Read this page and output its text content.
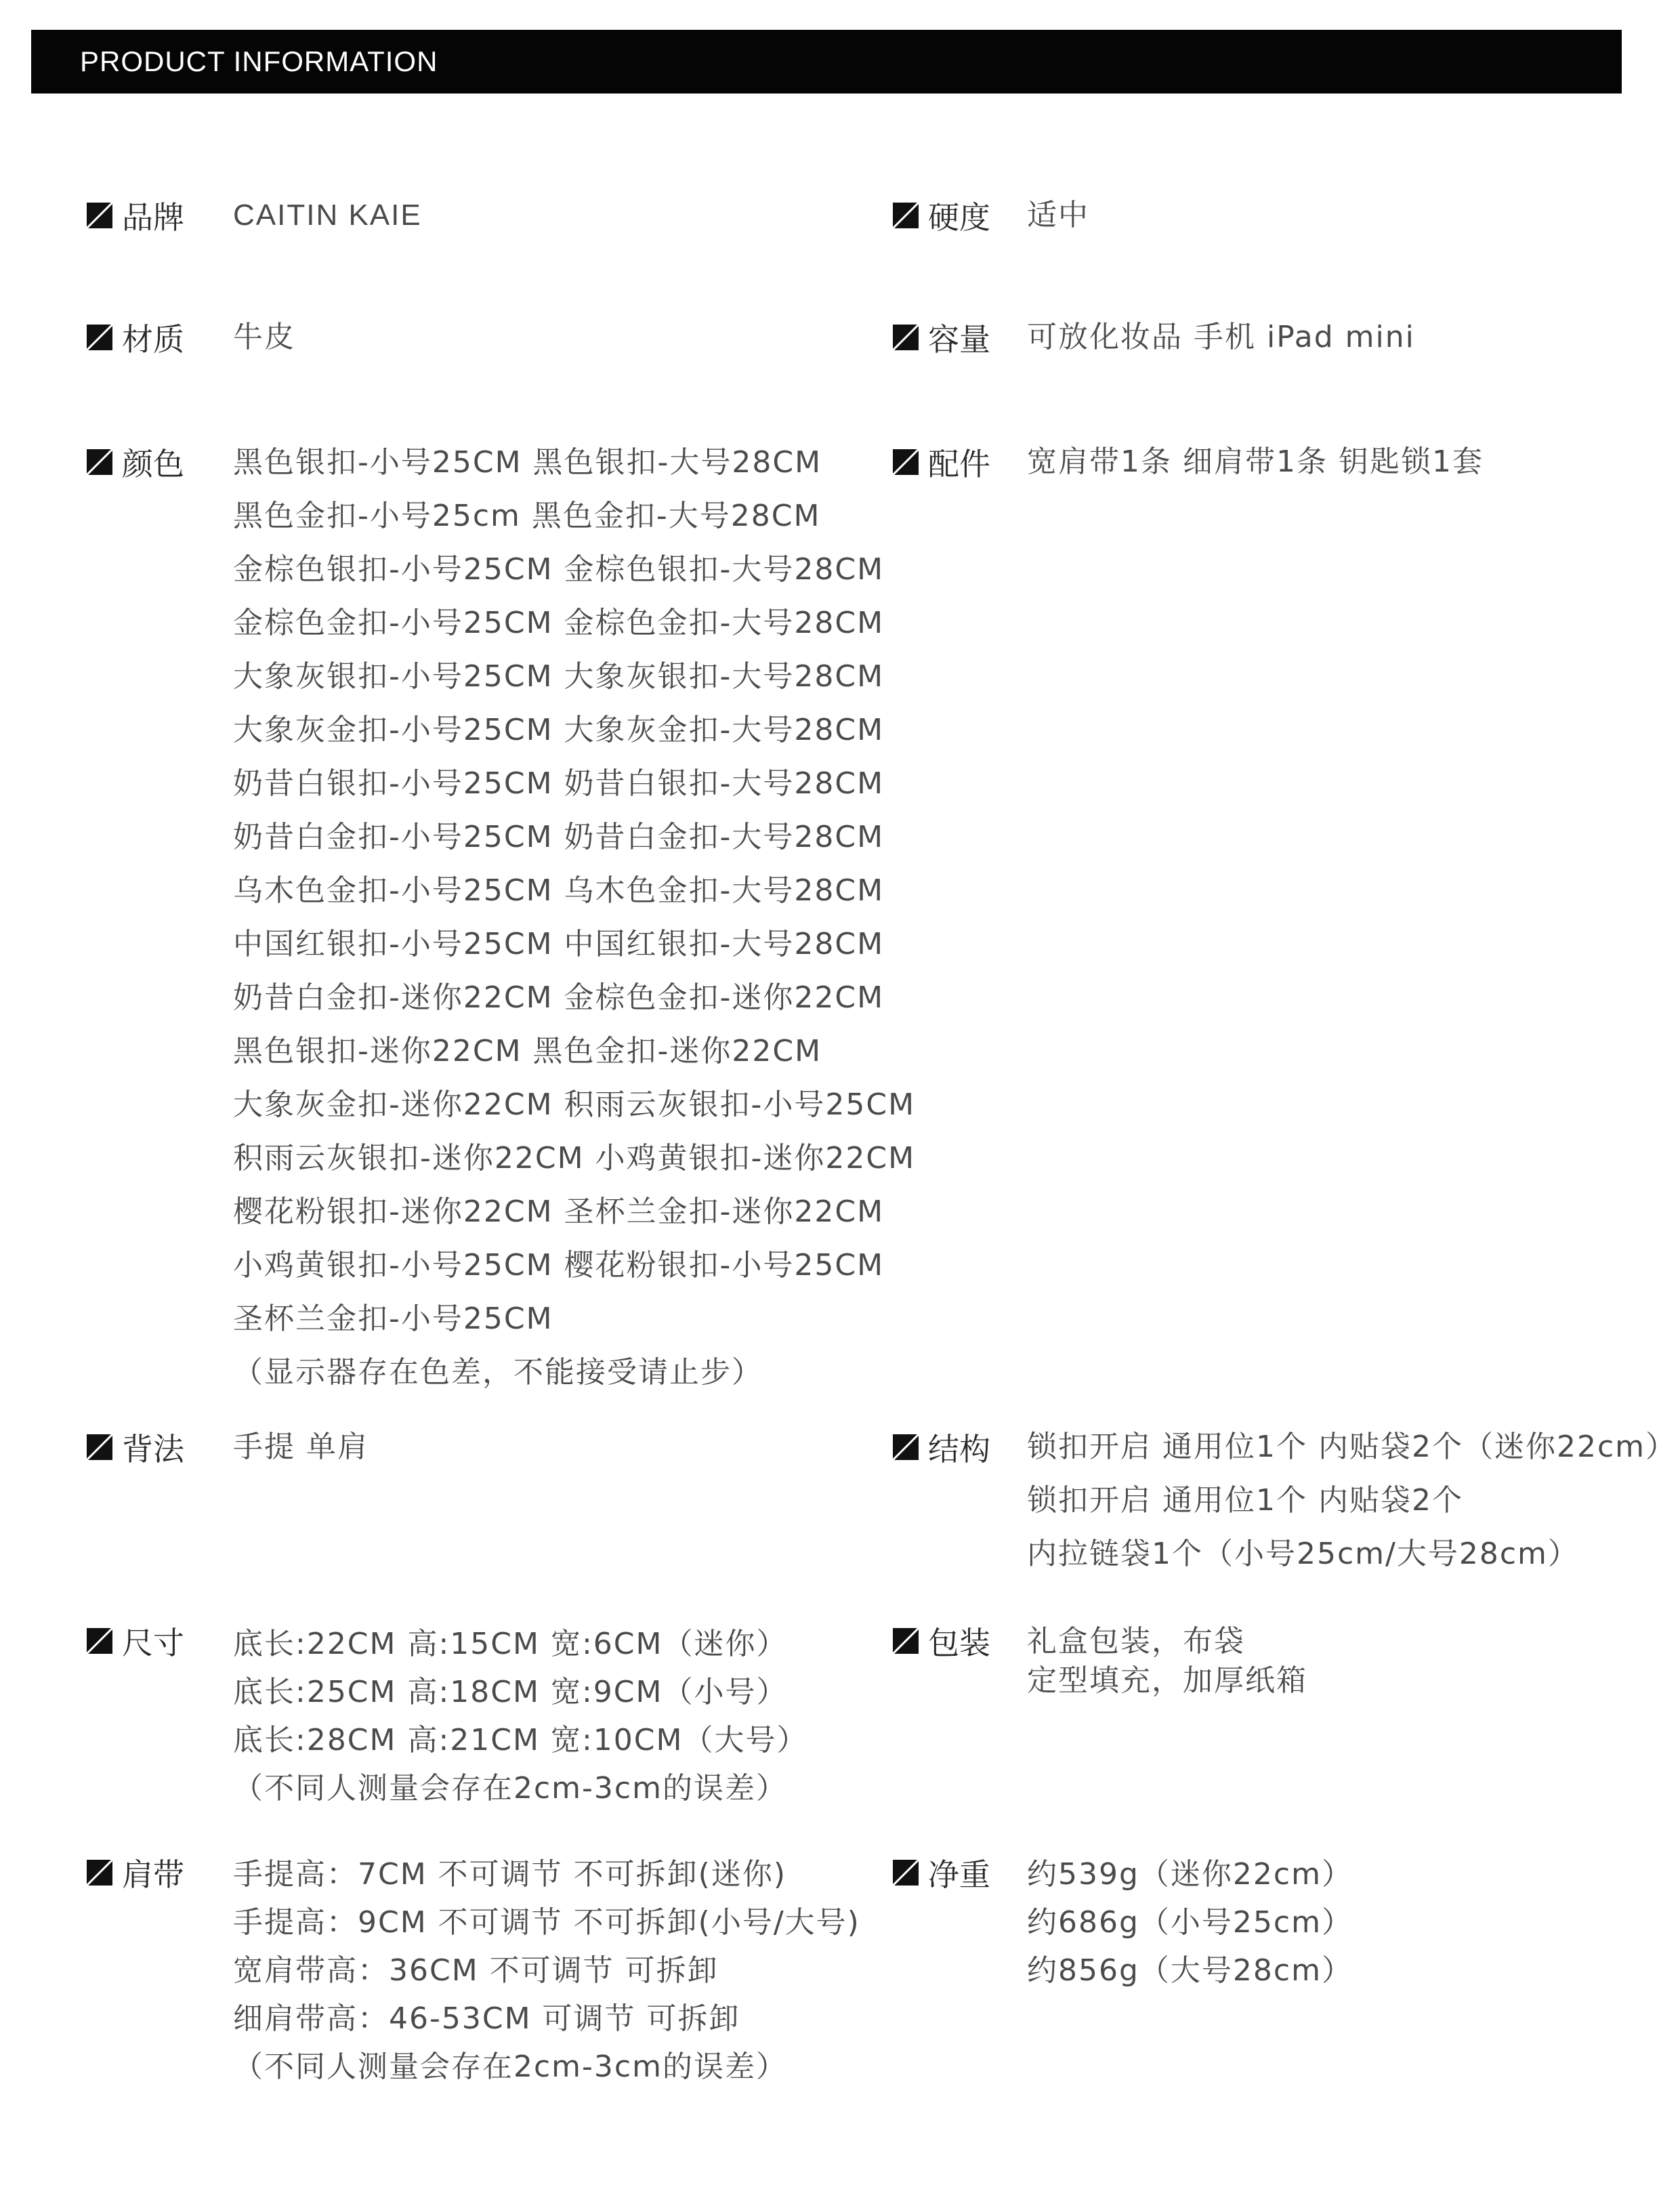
PRODUCT INFORMATION
品牌 CAITIN KAIE	硬度 适中
材质 牛皮	容量 可放化妆品 手机 iPad mini
颜色 黑色银扣-小号25CM 黑色银扣-大号28CM
黑色金扣-小号25cm 黑色金扣-大号28CM
金棕色银扣-小号25CM 金棕色银扣-大号28CM
金棕色金扣-小号25CM 金棕色金扣-大号28CM
大象灰银扣-小号25CM 大象灰银扣-大号28CM
大象灰金扣-小号25CM 大象灰金扣-大号28CM
奶昔白银扣-小号25CM 奶昔白银扣-大号28CM
奶昔白金扣-小号25CM 奶昔白金扣-大号28CM
乌木色金扣-小号25CM 乌木色金扣-大号28CM
中国红银扣-小号25CM 中国红银扣-大号28CM
奶昔白金扣-迷你22CM 金棕色金扣-迷你22CM
黑色银扣-迷你22CM 黑色金扣-迷你22CM
大象灰金扣-迷你22CM 积雨云灰银扣-小号25CM
积雨云灰银扣-迷你22CM 小鸡黄银扣-迷你22CM
樱花粉银扣-迷你22CM 圣杯兰金扣-迷你22CM
小鸡黄银扣-小号25CM 樱花粉银扣-小号25CM
圣杯兰金扣-小号25CM
（显示器存在色差，不能接受请止步）
配件 宽肩带1条 细肩带1条 钥匙锁1套
背法 手提 单肩	结构 锁扣开启 通用位1个 内贴袋2个（迷你22cm）
锁扣开启 通用位1个 内贴袋2个
内拉链袋1个（小号25cm/大号28cm）
尺寸 底长:22CM 高:15CM 宽:6CM（迷你）
底长:25CM 高:18CM 宽:9CM（小号）
底长:28CM 高:21CM 宽:10CM（大号）
（不同人测量会存在2cm-3cm的误差）
包装 礼盒包装，布袋
定型填充，加厚纸箱
肩带 手提高：7CM 不可调节 不可拆卸(迷你)
手提高：9CM 不可调节 不可拆卸(小号/大号)
宽肩带高：36CM 不可调节 可拆卸
细肩带高：46-53CM 可调节 可拆卸
（不同人测量会存在2cm-3cm的误差）
净重 约539g（迷你22cm）
约686g（小号25cm）
约856g（大号28cm）
